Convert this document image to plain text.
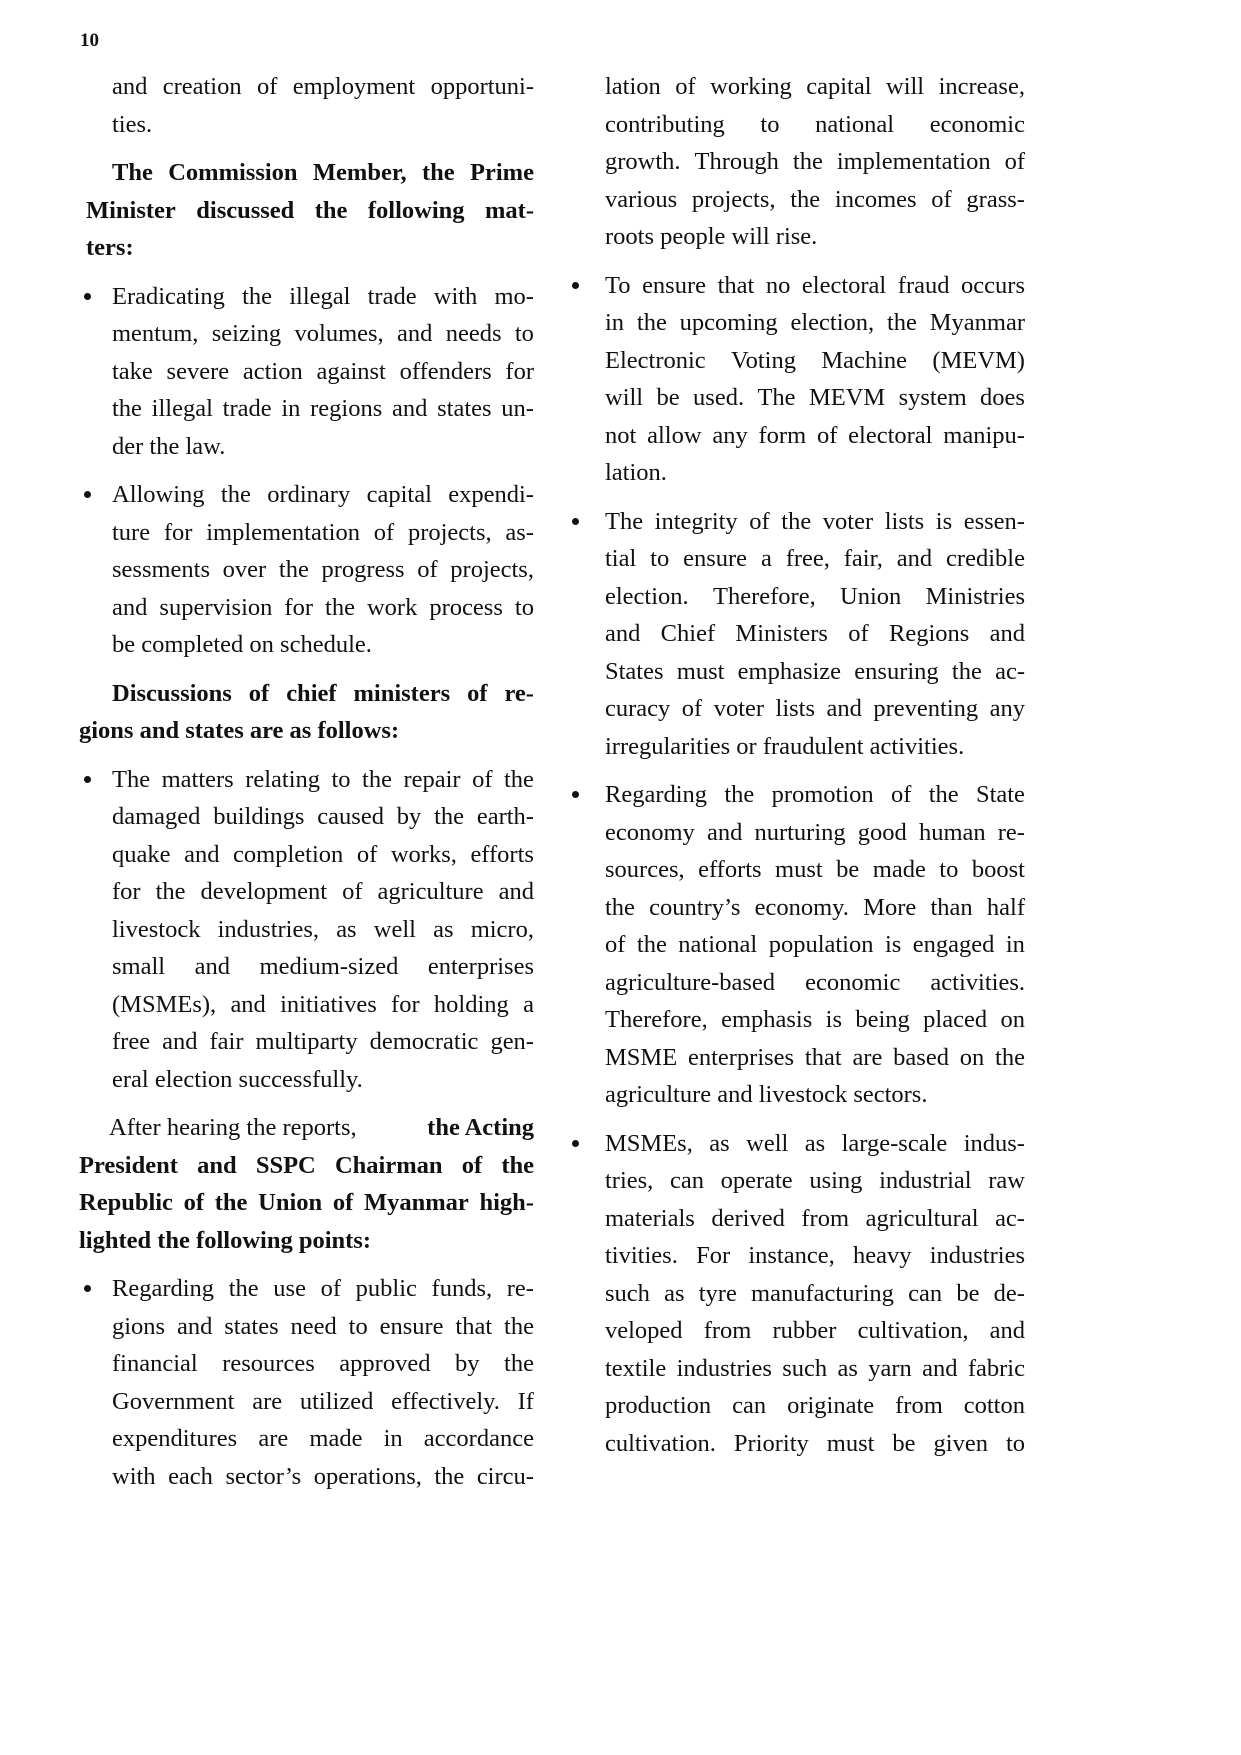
10
and creation of employment opportuni-
ties.
The Commission Member, the Prime
Minister discussed the following mat-
ters:
Eradicating the illegal trade with mo-
mentum, seizing volumes, and needs to
take severe action against offenders for
the illegal trade in regions and states un-
der the law.
Allowing the ordinary capital expendi-
ture for implementation of projects, as-
sessments over the progress of projects,
and supervision for the work process to
be completed on schedule.
Discussions of chief ministers of re-
gions and states are as follows:
The matters relating to the repair of the
damaged buildings caused by the earth-
quake and completion of works, efforts
for the development of agriculture and
livestock industries, as well as micro,
small and medium-sized enterprises
(MSMEs), and initiatives for holding a
free and fair multiparty democratic gen-
eral election successfully.
After hearing the reports,	the Acting
President and SSPC Chairman of the
Republic of the Union of Myanmar high-
lighted the following points:
Regarding the use of public funds, re-
gions and states need to ensure that the
financial resources approved by the
Government are utilized effectively. If
expenditures are made in accordance
with each sector’s operations, the circu-
lation of working capital will increase,
contributing to national economic
growth. Through the implementation of
various projects, the incomes of grass-
roots people will rise.
To ensure that no electoral fraud occurs
in the upcoming election, the Myanmar
Electronic Voting Machine (MEVM)
will be used. The MEVM system does
not allow any form of electoral manipu-
lation.
The integrity of the voter lists is essen-
tial to ensure a free, fair, and credible
election. Therefore, Union Ministries
and Chief Ministers of Regions and
States must emphasize ensuring the ac-
curacy of voter lists and preventing any
irregularities or fraudulent activities.
Regarding the promotion of the State
economy and nurturing good human re-
sources, efforts must be made to boost
the country’s economy. More than half
of the national population is engaged in
agriculture-based economic activities.
Therefore, emphasis is being placed on
MSME enterprises that are based on the
agriculture and livestock sectors.
MSMEs, as well as large-scale indus-
tries, can operate using industrial raw
materials derived from agricultural ac-
tivities. For instance, heavy industries
such as tyre manufacturing can be de-
veloped from rubber cultivation, and
textile industries such as yarn and fabric
production can originate from cotton
cultivation. Priority must be given to
